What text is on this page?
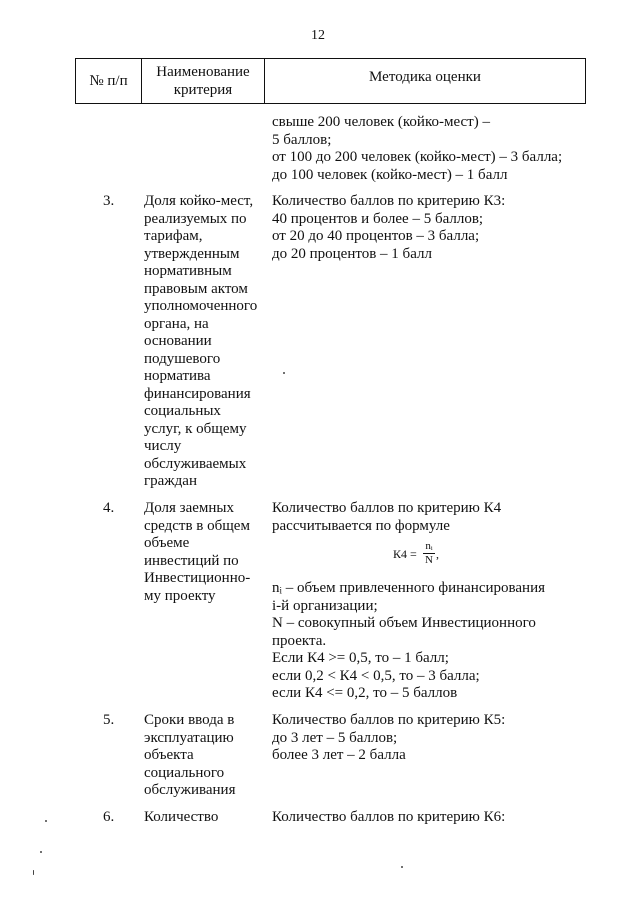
12
№ п/п
Наименование
критерия
Методика оценки
свыше 200 человек (койко-мест) –
5 баллов;
от 100 до 200 человек (койко-мест) – 3 балла;
до 100 человек (койко-мест) – 1 балл
3. Доля койко-мест,
реализуемых по
тарифам,
утвержденным
нормативным
правовым актом
уполномоченного
органа, на
основании
подушевого
норматива
финансирования
социальных
услуг, к общему
числу
обслуживаемых
граждан
Количество баллов по критерию К3:
40 процентов и более – 5 баллов;
от 20 до 40 процентов – 3 балла;
до 20 процентов – 1 балл
4. Доля заемных
средств в общем
объеме
инвестиций по
Инвестиционно-
му проекту
Количество баллов по критерию К4
рассчитывается по формуле
$К4 = \frac{\text{nᵢ}}{N}$ ,
nᵢ – объем привлеченного финансирования
i-й организации;
N – совокупный объем Инвестиционного
проекта.
Если К4 >= 0,5, то – 1 балл;
если 0,2 < К4 < 0,5, то – 3 балла;
если К4 <= 0,2, то – 5 баллов
5. Сроки ввода в
эксплуатацию
объекта
социального
обслуживания
Количество баллов по критерию К5:
до 3 лет – 5 баллов;
более 3 лет – 2 балла
6. Количество	Количество баллов по критерию К6:
